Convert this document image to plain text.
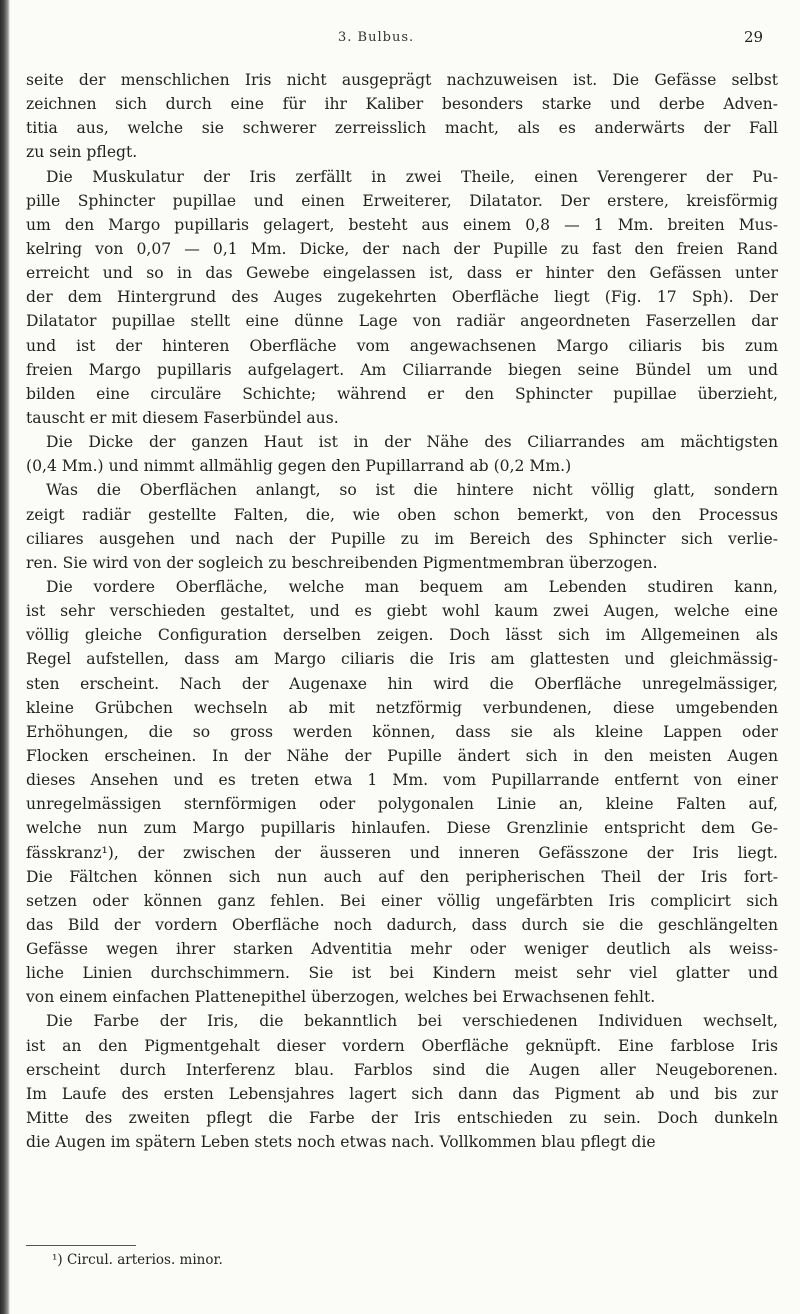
3. Bulbus.	29
seite der menschlichen Iris nicht ausgeprägt nachzuweisen ist. Die Gefässe selbst
zeichnen sich durch eine für ihr Kaliber besonders starke und derbe Adven-
titia aus, welche sie schwerer zerreisslich macht, als es anderwärts der Fall
zu sein pflegt.
Die Muskulatur der Iris zerfällt in zwei Theile, einen Verengerer der Pu-
pille Sphincter pupillae und einen Erweiterer, Dilatator. Der erstere, kreisförmig
um den Margo pupillaris gelagert, besteht aus einem 0,8 — 1 Mm. breiten Mus-
kelring von 0,07 — 0,1 Mm. Dicke, der nach der Pupille zu fast den freien Rand
erreicht und so in das Gewebe eingelassen ist, dass er hinter den Gefässen unter
der dem Hintergrund des Auges zugekehrten Oberfläche liegt (Fig. 17 Sph). Der
Dilatator pupillae stellt eine dünne Lage von radiär angeordneten Faserzellen dar
und ist der hinteren Oberfläche vom angewachsenen Margo ciliaris bis zum
freien Margo pupillaris aufgelagert. Am Ciliarrande biegen seine Bündel um und
bilden eine circuläre Schichte; während er den Sphincter pupillae überzieht,
tauscht er mit diesem Faserbündel aus.
Die Dicke der ganzen Haut ist in der Nähe des Ciliarrandes am mächtigsten
(0,4 Mm.) und nimmt allmählig gegen den Pupillarrand ab (0,2 Mm.)
Was die Oberflächen anlangt, so ist die hintere nicht völlig glatt, sondern
zeigt radiär gestellte Falten, die, wie oben schon bemerkt, von den Processus
ciliares ausgehen und nach der Pupille zu im Bereich des Sphincter sich verlie-
ren. Sie wird von der sogleich zu beschreibenden Pigmentmembran überzogen.
Die vordere Oberfläche, welche man bequem am Lebenden studiren kann,
ist sehr verschieden gestaltet, und es giebt wohl kaum zwei Augen, welche eine
völlig gleiche Configuration derselben zeigen. Doch lässt sich im Allgemeinen als
Regel aufstellen, dass am Margo ciliaris die Iris am glattesten und gleichmässig-
sten erscheint. Nach der Augenaxe hin wird die Oberfläche unregelmässiger,
kleine Grübchen wechseln ab mit netzförmig verbundenen, diese umgebenden
Erhöhungen, die so gross werden können, dass sie als kleine Lappen oder
Flocken erscheinen. In der Nähe der Pupille ändert sich in den meisten Augen
dieses Ansehen und es treten etwa 1 Mm. vom Pupillarrande entfernt von einer
unregelmässigen sternförmigen oder polygonalen Linie an, kleine Falten auf,
welche nun zum Margo pupillaris hinlaufen. Diese Grenzlinie entspricht dem Ge-
fässkranz¹), der zwischen der äusseren und inneren Gefässzone der Iris liegt.
Die Fältchen können sich nun auch auf den peripherischen Theil der Iris fort-
setzen oder können ganz fehlen. Bei einer völlig ungefärbten Iris complicirt sich
das Bild der vordern Oberfläche noch dadurch, dass durch sie die geschlängelten
Gefässe wegen ihrer starken Adventitia mehr oder weniger deutlich als weiss-
liche Linien durchschimmern. Sie ist bei Kindern meist sehr viel glatter und
von einem einfachen Plattenepithel überzogen, welches bei Erwachsenen fehlt.
Die Farbe der Iris, die bekanntlich bei verschiedenen Individuen wechselt,
ist an den Pigmentgehalt dieser vordern Oberfläche geknüpft. Eine farblose Iris
erscheint durch Interferenz blau. Farblos sind die Augen aller Neugeborenen.
Im Laufe des ersten Lebensjahres lagert sich dann das Pigment ab und bis zur
Mitte des zweiten pflegt die Farbe der Iris entschieden zu sein. Doch dunkeln
die Augen im spätern Leben stets noch etwas nach. Vollkommen blau pflegt die
¹) Circul. arterios. minor.
